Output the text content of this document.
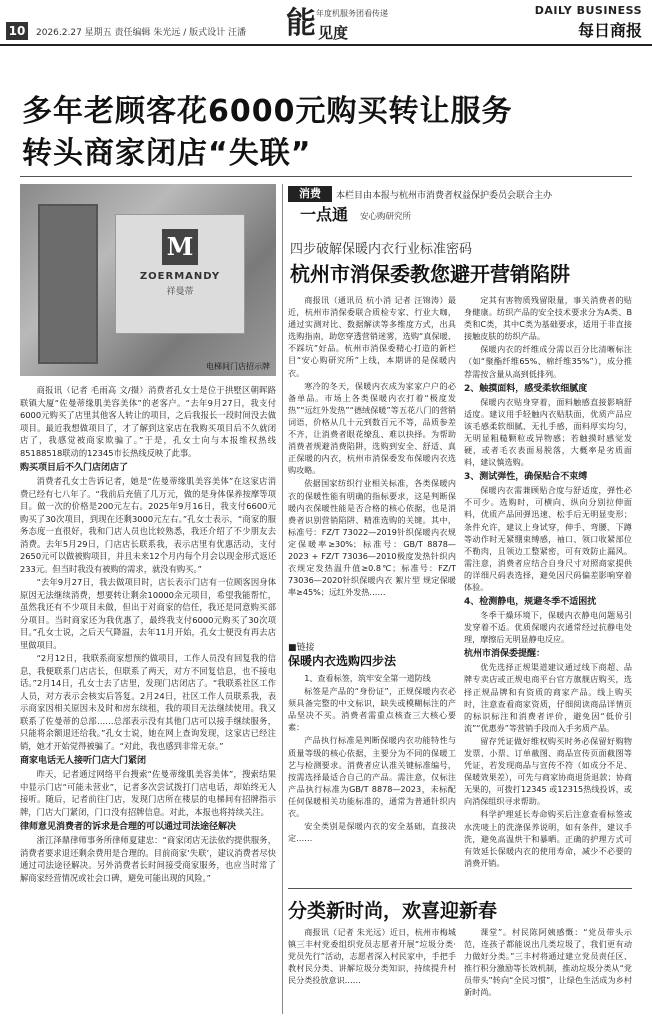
10 2026.2.27 星期五 责任编辑 朱光远 / 版式设计 汪潘 能 年度机服务团看传递
见度
DAILY BUSINESS
每日商报
多年老顾客花6000元购买转让服务
转头商家闭店“失联”
M
ZOERMANDY
祥曼蒂
电梯间门店招示牌

商报讯（记者 毛雨高 文/摄）消费者孔女士是位于拱墅区朝晖路联镇大厦“佐曼蒂缘肌美容美体”的老客户。“去年9月27日，我支付6000元购买了店里其他客人转让的项目，之后我报长一段时间没去做项目。最近我想做项目了，才了解到这家店在我购买项目后不久就闭店了，我感觉被商家欺骗了。”于是，孔女士向与本报维权热线85188518联动的12345市长热线反映了此事。

购买项目后不久门店闭店了

消费者孔女士告诉记者，她是“佐曼蒂缘肌美容美体”在这家店消费已经有七八年了。“我前后充值了几万元，做的是身体保养按摩等项目。做一次的价格是200元左右。2025年9月16日，我支付6600元购买了30次项目，到现在还剩3000元左右。”孔女士表示，“商家的服务态度一直很好，我和门店人员也比较熟悉，我还介绍了不少朋友去消费。去年5月29日，门店店长联系我，表示店里有优惠活动，支付2650元可以做被购项目，并且未来12个月内每个月会以现金形式返还233元。但当时我没有被购的需求，就没有购买。”

“去年9月27日，我去做项目时，店长表示门店有一位顾客因身体原因无法继续消费，想要转让剩余10000余元项目，希望我能帮忙，虽然我还有不少项目未做，但出于对商家的信任，我还是同意购买部分项目。当时商家还为我优惠了，最终我支付6000元购买了30次项目。”孔女士说，之后天气降温，去年11月开始，孔女士便没有再去店里做项目。

“2月12日，我联系商家想预约做项目，工作人员没有回复我的信息，我便联系门店店长，但联系了两天，对方不回复信息，也不接电话。”2月14日，孔女士去了店里，发现门店闭店了。“我联系社区工作人员，对方表示会核实后答复。2月24日，社区工作人员联系我，表示商家因相关原因未及时和房东续租，我的项目无法继续使用。我又联系了佐曼蒂的总部……总部表示没有其他门店可以接手继续服务，只能将余额退还给我。”孔女士说，她在网上查询发现，这家店已经注销，她才开始觉得被骗了。“对此，我也感到非常无奈。”

商家电话无人接听门店大门紧闭

昨天，记者通过网络平台搜索“佐曼蒂缘肌美容美体”，搜索结果中显示门店“可能未营业”，记者多次尝试拨打门店电话，却始终无人接听。随后，记者前往门店，发现门店所在楼层的电梯间有招牌指示牌，门店大门紧闭，门口没有招牌信息。对此，本报也将持续关注。

律师意见消费者的诉求是合理的可以通过司法途径解决

浙江泽鼎律师事务所律师夏建忠：“商家闭店无法依约提供服务，消费者要求退还剩余费用是合理的。目前商家‘失联’，建议消费者尽快通过司法途径解决。另外消费者长时间接受商家服务，也应当时常了解商家经营情况或社会口碑，避免可能出现的风险。”

消费
一点通
本栏目由本报与杭州市消费者权益保护委员会联合主办
安心购研究所
四步破解保暖内衣行业标准密码
杭州市消保委教您避开营销陷阱

商报讯（通讯员 杭小消 记者 汪锦涛）最近，杭州市消保委联合质检专家、行业大咖，通过实测对比、数据解读等多维度方式，出具选购指南，助您穿透营销迷雾，选购“真保暖、不踩坑”好品。杭州市消保委精心打造的新栏目“安心购研究所”上线，本期讲的是保暖内衣。

寒冷的冬天，保暖内衣成为家家户户的必备单品。市场上各类保暖内衣打着“极度发热”“远红外发热”“德绒保暖”等五花八门的营销词语，价格从几十元到数百元不等，品质参差不齐，让消费者眼花缭乱、难以抉择。为帮助消费者规避消费陷阱，选购到安全、舒适、真正保暖的内衣，杭州市消保委发布保暖内衣选购攻略。

依据国家纺织行业相关标准，各类保暖内衣的保暖性能有明确的指标要求，这是判断保暖内衣保暖性能是否合格的核心依据，也是消费者识别营销陷阱、精准选购的关键。其中，标准号：FZ/T 73022—2019针织保暖内衣规定保暖率≥30%；标准号：GB/T 8878—2023 + FZ/T 73036—2010极度发热针织内衣规定发热温升值≥0.8℃；标准号：FZ/T 73036—2020针织保暖内衣 絮片型 规定保暖率≥45%；远红外发热……

■链接
保暖内衣选购四步法

1、查看标签，筑牢安全第一道防线

标签是产品的“身份证”，正规保暖内衣必须具备完整的中文标识，缺失或模糊标注的产品坚决不买。消费者需重点核查三大核心要素：

产品执行标准是判断保暖内衣功能特性与质量等级的核心依据，主要分为不同的保暖工艺与检测要求。消费者应认准关键标准编号，按需选择最适合自己的产品。需注意，仅标注产品执行标准为GB/T 8878—2023，未标配任何保暖相关功能标准的，通常为普通针织内衣。

安全类别是保暖内衣的安全基础，直接决定……

定其有害物质残留限量，事关消费者的贴身健康。纺织产品的安全技术要求分为A类、B类和C类，其中C类为基础要求，适用于非直接接触皮肤的纺织产品。

保暖内衣的纤维成分需以百分比清晰标注（如“聚酯纤维65%、棉纤维35%”），成分推荐需按含量从高到低排列。

2、触摸面料，感受柔软细腻度

保暖内衣贴身穿着，面料触感直接影响舒适度。建议用手轻触内衣贴肤面，优质产品应该毛感柔软细腻、无扎手感，面料厚实均匀，无明显粗糙颗粒或异物感；若触摸时感觉发硬，或者毛衣表面易脱落，大概率是劣质面料，建议慎选购。

3、测试弹性，确保贴合不束缚

保暖内衣需兼顾贴合度与舒适度，弹性必不可少。选购时，可横向、纵向分别拉伸面料，优质产品回弹迅速、松手后无明显变形；条件允许，建议上身试穿，伸手、弯腰、下蹲等动作时无紧绷束缚感，袖口、领口收紧部位不勒肉，且领边工整紧密，可有效防止漏风。需注意，消费者应结合自身尺寸对照商家提供的详细尺码表选择，避免因尺码偏差影响穿着体验。

4、检测静电，规避冬季不适困扰

冬季干燥环境下，保暖内衣静电问题易引发穿着不适。优质保暖内衣通常经过抗静电处理，摩擦后无明显静电反应。

杭州市消保委提醒：

优先选择正规渠道建议通过线下商超、品牌专卖店或正规电商平台官方旗舰店购买，选择正规品牌和有资质的商家产品。线上购买时，注意查看商家资质，仔细阅读商品详情页的标识标注和消费者评价，避免因“低价引流”“优惠券”等营销手段而入手劣质产品。

留存凭证做好维权购买时务必保留好购物发票、小票、订单截图、商品宣传页面截图等凭证，若发现商品与宣传不符（如成分不足、保暖效果差），可先与商家协商退货退款；协商无果的，可拨打12345 或12315热线投诉，或向消保组织寻求帮助。

科学护理延长寿命购买后注意查看标签或水洗唛上的洗涤保养说明，如有条件，建议手洗，避免高温烘干和暴晒。正确的护理方式可有效延长保暖内衣的使用寿命，减少不必要的消费开销。

分类新时尚，欢喜迎新春

商报讯（记者 朱光远）近日，杭州市梅城镇三丰村党委组织党员志愿者开展“垃圾分类·党员先行”活动，志愿者深入村民家中，手把手教村民分类、讲解垃圾分类知识，持续提升村民分类投放意识……

课堂”。村民陈阿姨感慨：“党员带头示范，连孩子都能说出几类垃圾了，我们更有动力做好分类。”三丰村将通过建立党员责任区、推行积分激励等长效机制，推动垃圾分类从“党员带头”转向“全民习惯”，让绿色生活成为乡村新时尚。
